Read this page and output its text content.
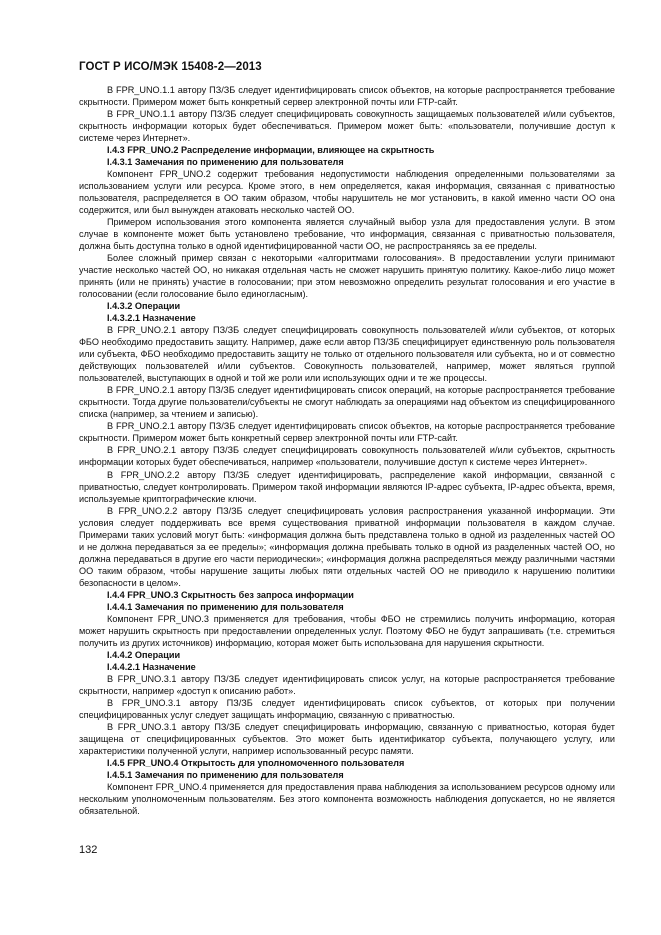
ГОСТ Р ИСО/МЭК 15408-2—2013

В FPR_UNO.1.1 автору ПЗ/ЗБ следует идентифицировать список объектов, на которые распространяется требование скрытности. Примером может быть конкретный сервер электронной почты или FTP-сайт.

В FPR_UNO.1.1 автору ПЗ/ЗБ следует специфицировать совокупность защищаемых пользователей и/или субъектов, скрытность информации которых будет обеспечиваться. Примером может быть: «пользователи, получившие доступ к системе через Интернет».

I.4.3 FPR_UNO.2 Распределение информации, влияющее на скрытность

I.4.3.1 Замечания по применению для пользователя

Компонент FPR_UNO.2 содержит требования недопустимости наблюдения определенными пользователями за использованием услуги или ресурса. Кроме этого, в нем определяется, какая информация, связанная с приватностью пользователя, распределяется в ОО таким образом, чтобы нарушитель не мог установить, в какой именно части ОО она содержится, или был вынужден атаковать несколько частей ОО.

Примером использования этого компонента является случайный выбор узла для предоставления услуги. В этом случае в компоненте может быть установлено требование, что информация, связанная с приватностью пользователя, должна быть доступна только в одной идентифицированной части ОО, не распространяясь за ее пределы.

Более сложный пример связан с некоторыми «алгоритмами голосования». В предоставлении услуги принимают участие несколько частей ОО, но никакая отдельная часть не сможет нарушить принятую политику. Какое-либо лицо может принять (или не принять) участие в голосовании; при этом невозможно определить результат голосования и его участие в голосовании (если голосование было единогласным).

I.4.3.2 Операции

I.4.3.2.1 Назначение

В FPR_UNO.2.1 автору ПЗ/ЗБ следует специфицировать совокупность пользователей и/или субъектов, от которых ФБО необходимо предоставить защиту. Например, даже если автор ПЗ/ЗБ специфицирует единственную роль пользователя или субъекта, ФБО необходимо предоставить защиту не только от отдельного пользователя или субъекта, но и от совместно действующих пользователей и/или субъектов. Совокупность пользователей, например, может являться группой пользователей, выступающих в одной и той же роли или использующих одни и те же процессы.

В FPR_UNO.2.1 автору ПЗ/ЗБ следует идентифицировать список операций, на которые распространяется требование скрытности. Тогда другие пользователи/субъекты не смогут наблюдать за операциями над объектом из специфицированного списка (например, за чтением и записью).

В FPR_UNO.2.1 автору ПЗ/ЗБ следует идентифицировать список объектов, на которые распространяется требование скрытности. Примером может быть конкретный сервер электронной почты или FTP-сайт.

В FPR_UNO.2.1 автору ПЗ/ЗБ следует специфицировать совокупность пользователей и/или субъектов, скрытность информации которых будет обеспечиваться, например «пользователи, получившие доступ к системе через Интернет».

В FPR_UNO.2.2 автору ПЗ/ЗБ следует идентифицировать, распределение какой информации, связанной с приватностью, следует контролировать. Примером такой информации являются IP-адрес субъекта, IP-адрес объекта, время, используемые криптографические ключи.

В FPR_UNO.2.2 автору ПЗ/ЗБ следует специфицировать условия распространения указанной информации. Эти условия следует поддерживать все время существования приватной информации пользователя в каждом случае. Примерами таких условий могут быть: «информация должна быть представлена только в одной из разделенных частей ОО и не должна передаваться за ее пределы»; «информация должна пребывать только в одной из разделенных частей ОО, но должна передаваться в другие его части периодически»; «информация должна распределяться между различными частями ОО таким образом, чтобы нарушение защиты любых пяти отдельных частей ОО не приводило к нарушению политики безопасности в целом».

I.4.4 FPR_UNO.3 Скрытность без запроса информации

I.4.4.1 Замечания по применению для пользователя

Компонент FPR_UNO.3 применяется для требования, чтобы ФБО не стремились получить информацию, которая может нарушить скрытность при предоставлении определенных услуг. Поэтому ФБО не будут запрашивать (т.е. стремиться получить из других источников) информацию, которая может быть использована для нарушения скрытности.

I.4.4.2 Операции

I.4.4.2.1 Назначение

В FPR_UNO.3.1 автору ПЗ/ЗБ следует идентифицировать список услуг, на которые распространяется требование скрытности, например «доступ к описанию работ».

В FPR_UNO.3.1 автору ПЗ/ЗБ следует идентифицировать список субъектов, от которых при получении специфицированных услуг следует защищать информацию, связанную с приватностью.

В FPR_UNO.3.1 автору ПЗ/ЗБ следует специфицировать информацию, связанную с приватностью, которая будет защищена от специфицированных субъектов. Это может быть идентификатор субъекта, получающего услугу, или характеристики полученной услуги, например использованный ресурс памяти.

I.4.5 FPR_UNO.4 Открытость для уполномоченного пользователя

I.4.5.1 Замечания по применению для пользователя

Компонент FPR_UNO.4 применяется для предоставления права наблюдения за использованием ресурсов одному или нескольким уполномоченным пользователям. Без этого компонента возможность наблюдения допускается, но не является обязательной.

132
